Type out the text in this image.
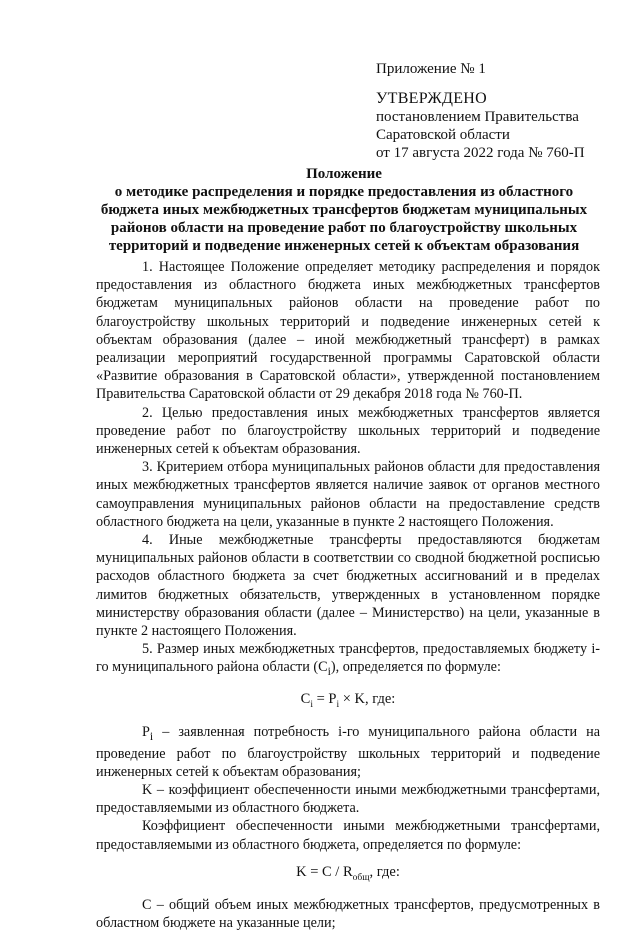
Приложение № 1
УТВЕРЖДЕНО
постановлением Правительства
Саратовской области
от 17 августа 2022 года № 760-П
Положение
о методике распределения и порядке предоставления из областного бюджета иных межбюджетных трансфертов бюджетам муниципальных районов области на проведение работ по благоустройству школьных территорий и подведение инженерных сетей к объектам образования

1. Настоящее Положение определяет методику распределения и порядок предоставления из областного бюджета иных межбюджетных трансфертов бюджетам муниципальных районов области на проведение работ по благоустройству школьных территорий и подведение инженерных сетей к объектам образования (далее – иной межбюджетный трансферт) в рамках реализации мероприятий государственной программы Саратовской области «Развитие образования в Саратовской области», утвержденной постановлением Правительства Саратовской области от 29 декабря 2018 года № 760-П.

2. Целью предоставления иных межбюджетных трансфертов является проведение работ по благоустройству школьных территорий и подведение инженерных сетей к объектам образования.

3. Критерием отбора муниципальных районов области для предоставления иных межбюджетных трансфертов является наличие заявок от органов местного самоуправления муниципальных районов области на предоставление средств областного бюджета на цели, указанные в пункте 2 настоящего Положения.

4. Иные межбюджетные трансферты предоставляются бюджетам муниципальных районов области в соответствии со сводной бюджетной росписью расходов областного бюджета за счет бюджетных ассигнований и в пределах лимитов бюджетных обязательств, утвержденных в установленном порядке министерству образования области (далее – Министерство) на цели, указанные в пункте 2 настоящего Положения.

5. Размер иных межбюджетных трансфертов, предоставляемых бюджету i-го муниципального района области $(C_i)$, определяется по формуле:

$C_i = P_i \times K$, где:

$P_i$ – заявленная потребность i-го муниципального района области на проведение работ по благоустройству школьных территорий и подведение инженерных сетей к объектам образования;

K – коэффициент обеспеченности иными межбюджетными трансфертами, предоставляемыми из областного бюджета.

Коэффициент обеспеченности иными межбюджетными трансфертами, предоставляемыми из областного бюджета, определяется по формуле:

$K = C / R_{общ}$, где:

C – общий объем иных межбюджетных трансфертов, предусмотренных в областном бюджете на указанные цели;
